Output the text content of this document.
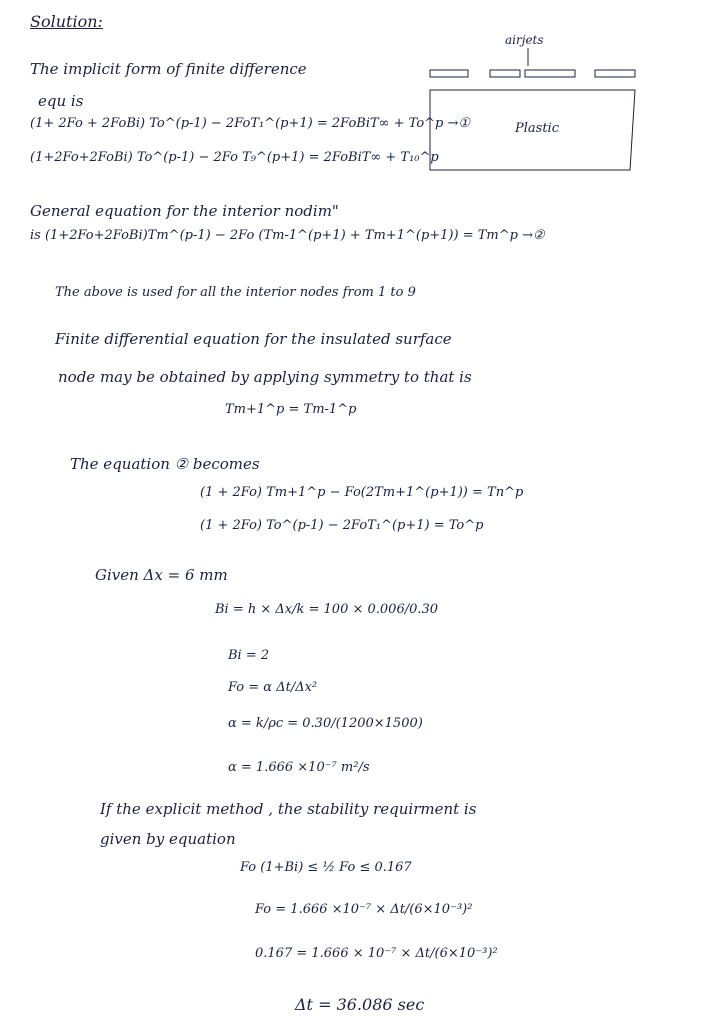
Solution:
airjets
Plastic
The implicit form of finite difference
equ is
(1+ 2Fo + 2FoBi) To^(p-1) − 2FoT₁^(p+1) = 2FoBiT∞ + To^p →①
(1+2Fo+2FoBi) To^(p-1) − 2Fo T₉^(p+1) = 2FoBiT∞ + T₁₀^p
General equation for the interior nodim"
is (1+2Fo+2FoBi)Tm^(p-1) − 2Fo (Tm-1^(p+1) + Tm+1^(p+1)) = Tm^p →②
The above is used for all the interior nodes from 1 to 9
Finite differential equation for the insulated surface
node may be obtained by applying symmetry to that is
Tm+1^p = Tm-1^p
The equation ② becomes
(1 + 2Fo) Tm+1^p − Fo(2Tm+1^(p+1)) = Tn^p
(1 + 2Fo) To^(p-1) − 2FoT₁^(p+1) = To^p
Given Δx = 6 mm
Bi = h × Δx/k = 100 × 0.006/0.30
Bi = 2
Fo = α Δt/Δx²
α = k/ρc = 0.30/(1200×1500)
α = 1.666 ×10⁻⁷ m²/s
If the explicit method , the stability requirment is
given by equation
Fo (1+Bi) ≤ ½ Fo ≤ 0.167
Fo = 1.666 ×10⁻⁷ × Δt/(6×10⁻³)²
0.167 = 1.666 × 10⁻⁷ × Δt/(6×10⁻³)²
Δt = 36.086 sec
